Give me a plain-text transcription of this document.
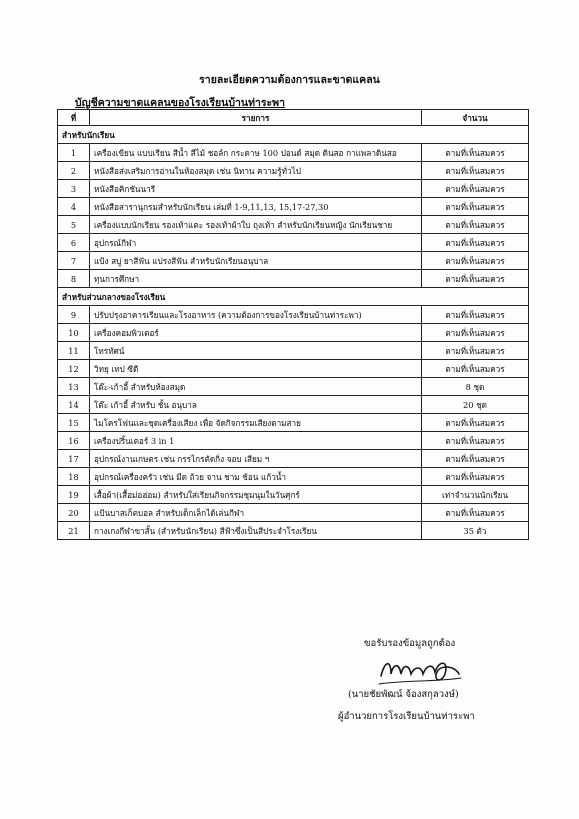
รายละเอียดความต้องการและขาดแคลน
บัญชีความขาดแคลนของโรงเรียนบ้านท่าระพา
ที่	รายการ	จำนวน
สำหรับนักเรียน		
1	เครื่องเขียน แบบเรียน สีน้ำ สีไม้ ชอล์ก กระดาษ 100 ปอนด์ สมุด ดินสอ กาแพลาดินสอ	ตามที่เห็นสมควร
2	หนังสือส่งเสริมการอ่านในห้องสมุด เช่น นิทาน ความรู้ทั่วไป	ตามที่เห็นสมควร
3	หนังสือคิกชันนารี	ตามที่เห็นสมควร
4	หนังสือสารานุกรมสำหรับนักเรียน เล่มที่ 1-9,11,13, 15,17-27,30	ตามที่เห็นสมควร
5	เครื่องแบบนักเรียน รองเท้าแตะ รองเท้าผ้าใบ ถุงเท้า สำหรับนักเรียนหญิง นักเรียนชาย	ตามที่เห็นสมควร
6	อุปกรณ์กีฬา	ตามที่เห็นสมควร
7	แป้ง สบู่ ยาสีฟัน แปรงสีฟัน สำหรับนักเรียนอนุบาล	ตามที่เห็นสมควร
8	ทุนการศึกษา	ตามที่เห็นสมควร
สำหรับส่วนกลางของโรงเรียน		
9	ปรับปรุงอาคารเรียนและโรงอาหาร (ความต้องการของโรงเรียนบ้านท่าระพา)	ตามที่เห็นสมควร
10	เครื่องคอมพิวเตอร์	ตามที่เห็นสมควร
11	โทรทัศน์	ตามที่เห็นสมควร
12	วิทยุ เทป ซีดี	ตามที่เห็นสมควร
13	โต๊ะ-เก้าอี้ สำหรับห้องสมุด	8 ชุด
14	โต๊ะ เก้าอี้ สำหรับ ชั้น อนุบาล	20 ชุด
15	ไมโครโฟนและชุดเครื่องเสียง เพื่อ จัดกิจกรรมเสียงตามสาย	ตามที่เห็นสมควร
16	เครื่องปริ้นเตอร์ 3 in 1	ตามที่เห็นสมควร
17	อุปกรณ์งานเกษตร เช่น กรรไกรตัดกิ่ง จอบ เสียม ฯ	ตามที่เห็นสมควร
18	อุปกรณ์เครื่องครัว เช่น มีด ถ้วย จาน ชาม ช้อน แก้วน้ำ	ตามที่เห็นสมควร
19	เสื้อผ้า(เสื้อม่อฮ่อม) สำหรับใส่เรียนกิจกรรมชุมนุมในวันศุกร์	เท่าจำนวนนักเรียน
20	แป้นบาสเก็ตบอล สำหรับเด็กเล็กได้เล่นกีฬา	ตามที่เห็นสมควร
21	กางเกงกีฬาขาสั้น (สำหรับนักเรียน) สีฟ้าซึ่งเป็นสีประจำโรงเรียน	35 ตัว
ขอรับรองข้อมูลถูกต้อง
(นายชัยพัฒน์ จ้องสกุลวงษ์)
ผู้อำนวยการโรงเรียนบ้านท่าระพา
